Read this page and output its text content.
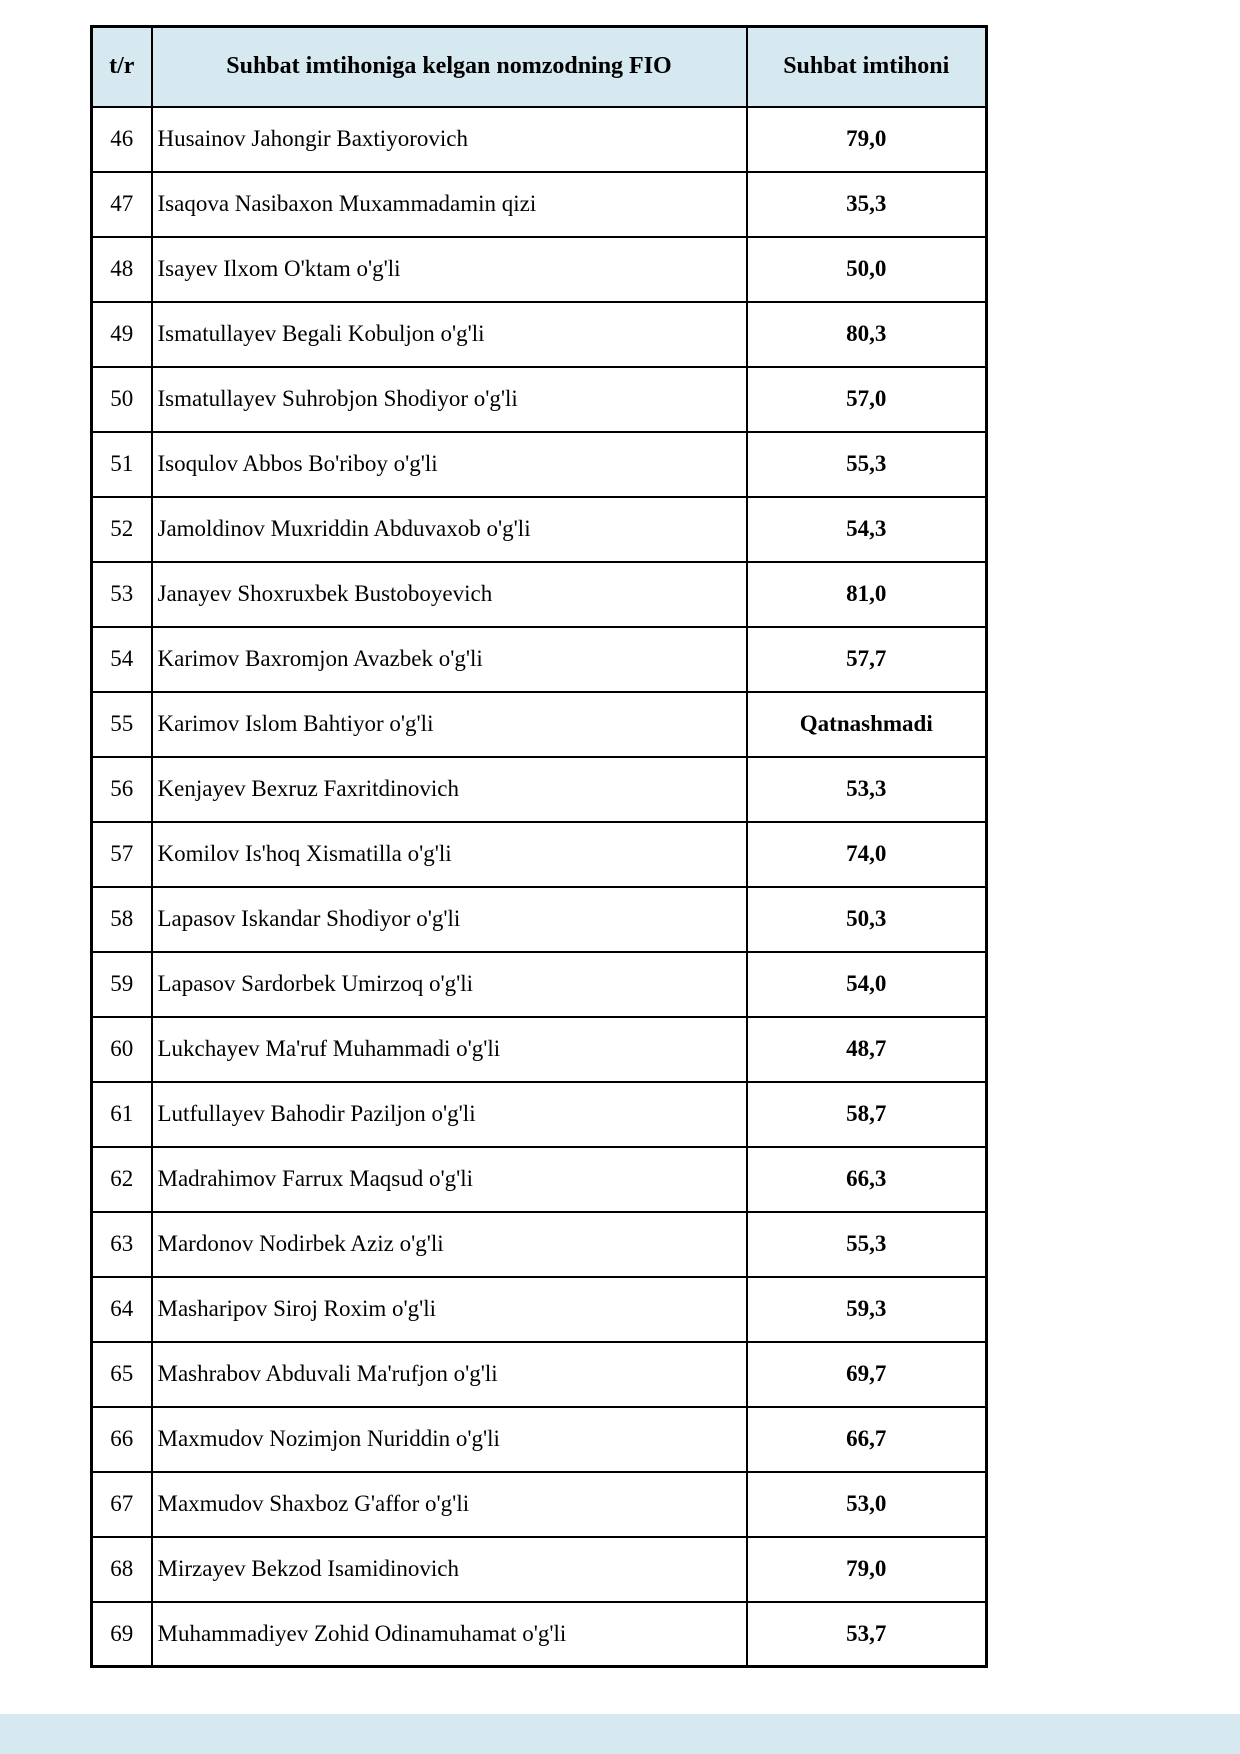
t/r	Suhbat imtihoniga kelgan nomzodning FIO	Suhbat imtihoni
46	Husainov Jahongir Baxtiyorovich	79,0
47	Isaqova Nasibaxon Muxammadamin qizi	35,3
48	Isayev Ilxom O'ktam o'g'li	50,0
49	Ismatullayev Begali Kobuljon o'g'li	80,3
50	Ismatullayev Suhrobjon Shodiyor o'g'li	57,0
51	Isoqulov Abbos Bo'riboy o'g'li	55,3
52	Jamoldinov Muxriddin Abduvaxob o'g'li	54,3
53	Janayev Shoxruxbek Bustoboyevich	81,0
54	Karimov Baxromjon Avazbek o'g'li	57,7
55	Karimov Islom Bahtiyor o'g'li	Qatnashmadi
56	Kenjayev Bexruz Faxritdinovich	53,3
57	Komilov Is'hoq Xismatilla o'g'li	74,0
58	Lapasov Iskandar Shodiyor o'g'li	50,3
59	Lapasov Sardorbek Umirzoq o'g'li	54,0
60	Lukchayev Ma'ruf Muhammadi o'g'li	48,7
61	Lutfullayev Bahodir Paziljon o'g'li	58,7
62	Madrahimov Farrux Maqsud o'g'li	66,3
63	Mardonov Nodirbek Aziz o'g'li	55,3
64	Masharipov Siroj Roxim o'g'li	59,3
65	Mashrabov Abduvali Ma'rufjon o'g'li	69,7
66	Maxmudov Nozimjon Nuriddin o'g'li	66,7
67	Maxmudov Shaxboz G'affor o'g'li	53,0
68	Mirzayev Bekzod Isamidinovich	79,0
69	Muhammadiyev Zohid Odinamuhamat o'g'li	53,7
